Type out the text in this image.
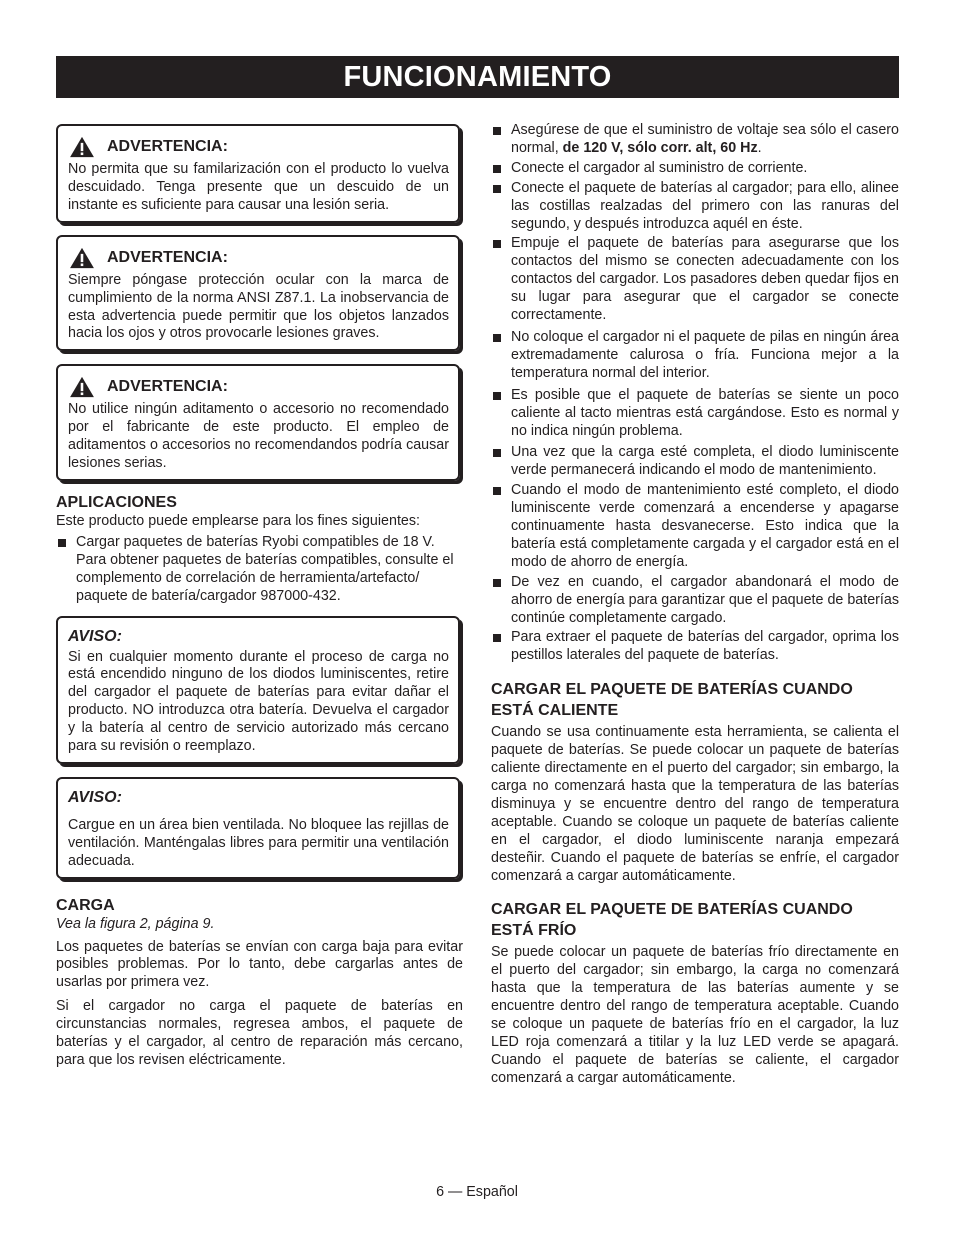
FUNCIONAMIENTO
ADVERTENCIA:

No permita que su familarización con el producto lo vuelva descuidado. Tenga presente que un descuido de un instante es suficiente para causar una lesión seria.

ADVERTENCIA:

Siempre póngase protección ocular con la marca de cumplimiento de la norma ANSI Z87.1. La inobservancia de esta advertencia puede permitir que los objetos lanzados hacia los ojos y otros provocarle lesiones graves.

ADVERTENCIA:

No utilice ningún aditamento o accesorio no recomendado por el fabricante de este producto. El empleo de aditamentos o accesorios no recomendandos podría causar lesiones serias.

APLICACIONES

Este producto puede emplearse para los fines siguientes:

Cargar paquetes de baterías Ryobi compatibles de 18 V. Para obtener paquetes de baterías compatibles, consulte el complemento de correlación de herramienta/artefacto/ paquete de batería/cargador 987000-432.
AVISO:

Si en cualquier momento durante el proceso de carga no está encendido ninguno de los diodos luminiscentes, retire del cargador el paquete de baterías para evitar dañar el producto. NO introduzca otra batería. Devuelva el cargador y la batería al centro de servicio autorizado más cercano para su revisión o reemplazo.

AVISO:

Cargue en un área bien ventilada. No bloquee las rejillas de ventilación. Manténgalas libres para permitir una ventilación adecuada.

CARGA

Vea la figura 2, página 9.

Los paquetes de baterías se envían con carga baja para evitar posibles problemas. Por lo tanto, debe cargarlas antes de usarlas por primera vez.

Si el cargador no carga el paquete de baterías en circunstancias normales, regresea ambos, el paquete de baterías y el cargador, al centro de reparación más cercano, para que los revisen eléctricamente.

Asegúrese de que el suministro de voltaje sea sólo el casero normal, de 120 V, sólo corr. alt, 60 Hz.
Conecte el cargador al suministro de corriente.
Conecte el paquete de baterías al cargador; para ello, alinee las costillas realzadas del primero con las ranuras del segundo, y después introduzca aquél en éste.
Empuje el paquete de baterías para asegurarse que los contactos del mismo se conecten adecuadamente con los contactos del cargador. Los pasadores deben quedar fijos en su lugar para asegurar que el cargador se conecte correctamente.
No coloque el cargador ni el paquete de pilas en ningún área extremadamente calurosa o fría. Funciona mejor a la temperatura normal del interior.
Es posible que el paquete de baterías se siente un poco caliente al tacto mientras está cargándose. Esto es normal y no indica ningún problema.
Una vez que la carga esté completa, el diodo luminiscente verde permanecerá indicando el modo de mantenimiento.
Cuando el modo de mantenimiento esté completo, el diodo luminiscente verde comenzará a encenderse y apagarse continuamente hasta desvanecerse. Esto indica que la batería está completamente cargada y el cargador está en el modo de ahorro de energía.
De vez en cuando, el cargador abandonará el modo de ahorro de energía para garantizar que el paquete de baterías continúe completamente cargado.
Para extraer el paquete de baterías del cargador, oprima los pestillos laterales del paquete de baterías.
CARGAR EL PAQUETE DE BATERÍAS CUANDO ESTÁ CALIENTE

Cuando se usa continuamente esta herramienta, se calienta el paquete de baterías. Se puede colocar un paquete de baterías caliente directamente en el puerto del cargador; sin embargo, la carga no comenzará hasta que la temperatura de las baterías disminuya y se encuentre dentro del rango de temperatura aceptable. Cuando se coloque un paquete de baterías caliente en el cargador, el diodo luminiscente naranja empezará desteñir. Cuando el paquete de baterías se enfríe, el cargador comenzará a cargar automáticamente.

CARGAR EL PAQUETE DE BATERÍAS CUANDO ESTÁ FRÍO

Se puede colocar un paquete de baterías frío directamente en el puerto del cargador; sin embargo, la carga no comenzará hasta que la temperatura de las baterías aumente y se encuentre dentro del rango de temperatura aceptable. Cuando se coloque un paquete de baterías frío en el cargador, la luz LED roja comenzará a titilar y la luz LED verde se apagará. Cuando el paquete de baterías se caliente, el cargador comenzará a cargar automáticamente.

6 — Español
